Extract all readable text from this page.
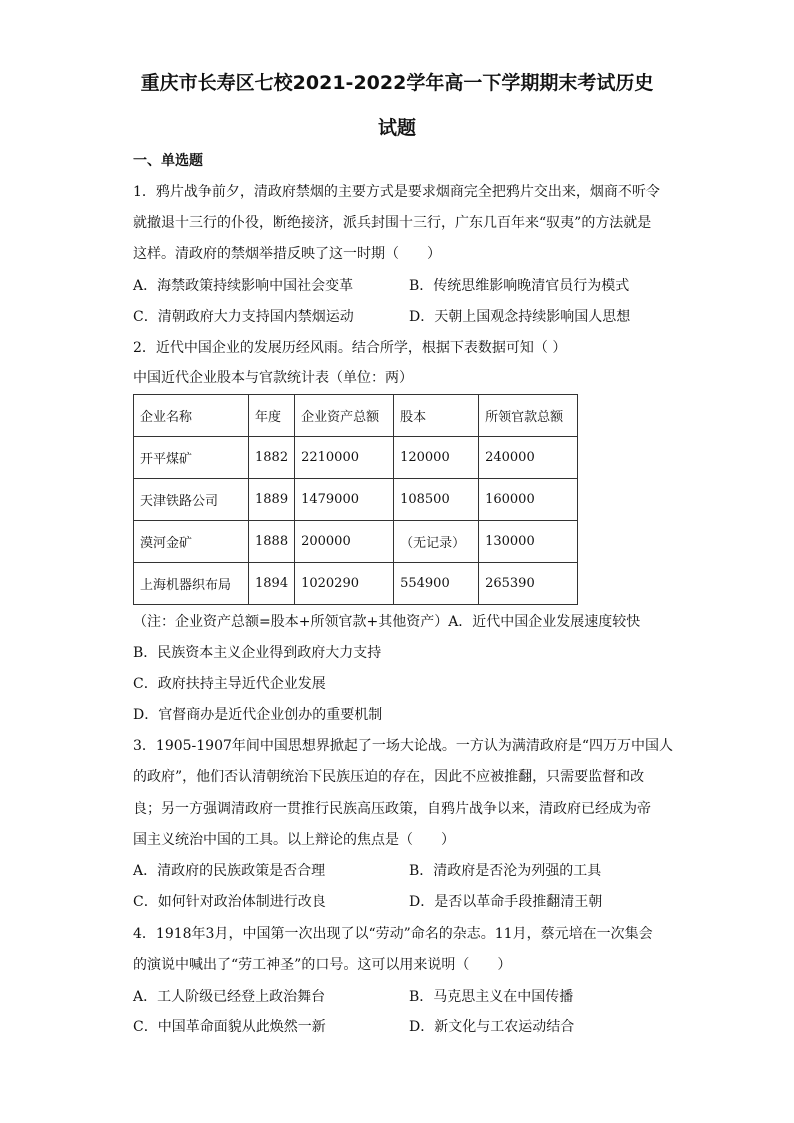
重庆市长寿区七校2021-2022学年高一下学期期末考试历史
试题
一、单选题
1．鸦片战争前夕，清政府禁烟的主要方式是要求烟商完全把鸦片交出来，烟商不听令
就撤退十三行的仆役，断绝接济，派兵封围十三行，广东几百年来“驭夷”的方法就是
这样。清政府的禁烟举措反映了这一时期（　　）
A．海禁政策持续影响中国社会变革	B．传统思维影响晚清官员行为模式
C．清朝政府大力支持国内禁烟运动	D．天朝上国观念持续影响国人思想
2．近代中国企业的发展历经风雨。结合所学，根据下表数据可知（ ）
中国近代企业股本与官款统计表（单位：两）
企业名称	年度	企业资产总额	股本	所领官款总额
开平煤矿	1882	2210000	120000	240000
天津铁路公司	1889	1479000	108500	160000
漠河金矿	1888	200000	（无记录）	130000
上海机器织布局	1894	1020290	554900	265390
（注：企业资产总额=股本+所领官款+其他资产）A．近代中国企业发展速度较快
B．民族资本主义企业得到政府大力支持
C．政府扶持主导近代企业发展
D．官督商办是近代企业创办的重要机制
3．1905-1907年间中国思想界掀起了一场大论战。一方认为满清政府是“四万万中国人
的政府”，他们否认清朝统治下民族压迫的存在，因此不应被推翻，只需要监督和改
良；另一方强调清政府一贯推行民族高压政策，自鸦片战争以来，清政府已经成为帝
国主义统治中国的工具。以上辩论的焦点是（　　）
A．清政府的民族政策是否合理	B．清政府是否沦为列强的工具
C．如何针对政治体制进行改良	D．是否以革命手段推翻清王朝
4．1918年3月，中国第一次出现了以“劳动”命名的杂志。11月，蔡元培在一次集会
的演说中喊出了“劳工神圣”的口号。这可以用来说明（　　）
A．工人阶级已经登上政治舞台	B．马克思主义在中国传播
C．中国革命面貌从此焕然一新	D．新文化与工农运动结合
